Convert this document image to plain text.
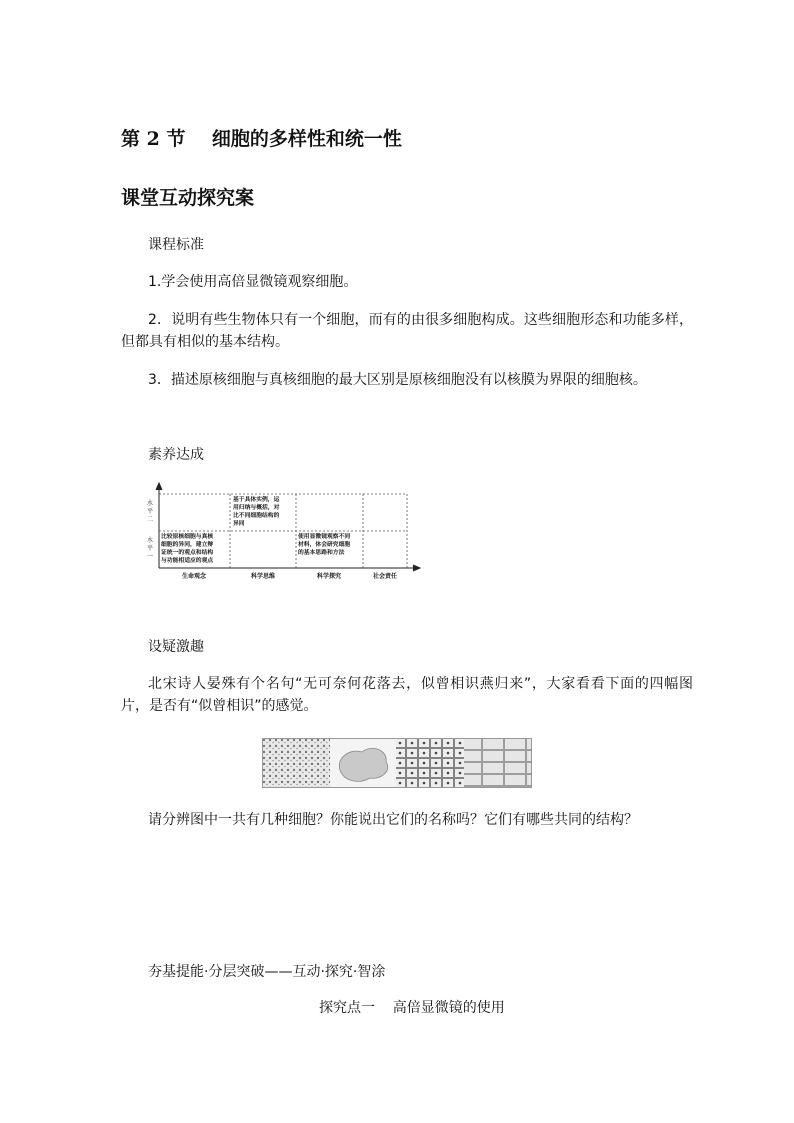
第 2 节    细胞的多样性和统一性
课堂互动探究案
课程标准
1.学会使用高倍显微镜观察细胞。
2．说明有些生物体只有一个细胞，而有的由很多细胞构成。这些细胞形态和功能多样，但都具有相似的基本结构。
3．描述原核细胞与真核细胞的最大区别是原核细胞没有以核膜为界限的细胞核。
素养达成
水
平
二
水
平
一
基于具体实例，运
用归纳与概括，对
比不同细胞结构的
异同
比较原核细胞与真核
细胞的异同，建立辩
证统一的观点和结构
与功能相适应的观点
使用显微镜观察不同
材料，体会研究细胞
的基本思路和方法
生命观念	科学思维	科学探究	社会责任
设疑激趣
北宋诗人晏殊有个名句“无可奈何花落去，似曾相识燕归来”，大家看看下面的四幅图片，是否有“似曾相识”的感觉。
请分辨图中一共有几种细胞？你能说出它们的名称吗？它们有哪些共同的结构？
夯基提能·分层突破——互动·探究·智涂
探究点一    高倍显微镜的使用
